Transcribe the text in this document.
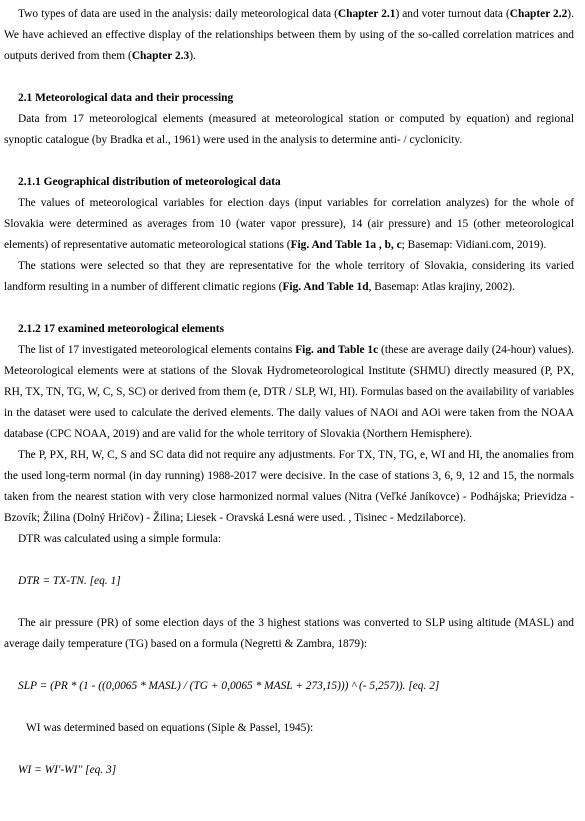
Two types of data are used in the analysis: daily meteorological data (Chapter 2.1) and voter turnout data (Chapter 2.2). We have achieved an effective display of the relationships between them by using of the so-called correlation matrices and outputs derived from them (Chapter 2.3).

2.1 Meteorological data and their processing

Data from 17 meteorological elements (measured at meteorological station or computed by equation) and regional synoptic catalogue (by Bradka et al., 1961) were used in the analysis to determine anti- / cyclonicity.

2.1.1 Geographical distribution of meteorological data

The values of meteorological variables for election days (input variables for correlation analyzes) for the whole of Slovakia were determined as averages from 10 (water vapor pressure), 14 (air pressure) and 15 (other meteorological elements) of representative automatic meteorological stations (Fig. And Table 1a , b, c; Basemap: Vidiani.com, 2019).

The stations were selected so that they are representative for the whole territory of Slovakia, considering its varied landform resulting in a number of different climatic regions (Fig. And Table 1d, Basemap: Atlas krajiny, 2002).

2.1.2 17 examined meteorological elements

The list of 17 investigated meteorological elements contains Fig. and Table 1c (these are average daily (24-hour) values). Meteorological elements were at stations of the Slovak Hydrometeorological Institute (SHMU) directly measured (P, PX, RH, TX, TN, TG, W, C, S, SC) or derived from them (e, DTR / SLP, WI, HI). Formulas based on the availability of variables in the dataset were used to calculate the derived elements. The daily values of NAOi and AOi were taken from the NOAA database (CPC NOAA, 2019) and are valid for the whole territory of Slovakia (Northern Hemisphere).

The P, PX, RH, W, C, S and SC data did not require any adjustments. For TX, TN, TG, e, WI and HI, the anomalies from the used long-term normal (in day running) 1988-2017 were decisive. In the case of stations 3, 6, 9, 12 and 15, the normals taken from the nearest station with very close harmonized normal values (Nitra (Veľké Janíkovce) - Podhájska; Prievidza - Bzovík; Žilina (Dolný Hričov) - Žilina; Liesek - Oravská Lesná were used. , Tisinec - Medzilaborce).

DTR was calculated using a simple formula:

DTR = TX-TN. [eq. 1]

The air pressure (PR) of some election days of the 3 highest stations was converted to SLP using altitude (MASL) and average daily temperature (TG) based on a formula (Negretti & Zambra, 1879):

SLP = (PR * (1 - ((0,0065 * MASL) / (TG + 0,0065 * MASL + 273,15))) ^ (- 5,257)). [eq. 2]

WI was determined based on equations (Siple & Passel, 1945):

WI = WI'-WI'' [eq. 3]
